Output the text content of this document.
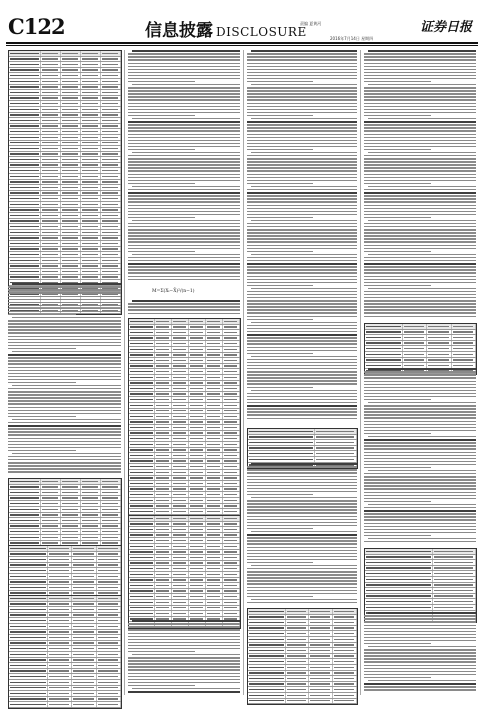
C122	信息披露 DISCLOSURE
责编 夏黄河
2016年7月14日 星期四
证券日报
M=Σ(Xᵢ−X̄)²/(n−1)
